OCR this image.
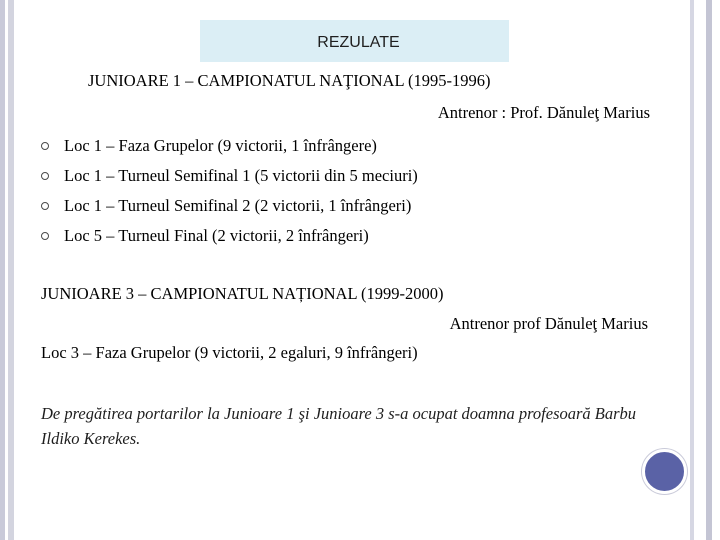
REZULATE
JUNIOARE 1 – CAMPIONATUL NAŢIONAL (1995-1996)
Antrenor : Prof. Dănuleţ Marius
Loc 1 – Faza Grupelor (9 victorii, 1 înfrângere)
Loc 1 – Turneul Semifinal 1 (5 victorii din 5 meciuri)
Loc 1 – Turneul Semifinal 2 (2 victorii, 1 înfrângeri)
Loc 5 – Turneul Final (2 victorii, 2 înfrângeri)
JUNIOARE 3 – CAMPIONATUL NAȚIONAL (1999-2000)
Antrenor prof Dănuleţ Marius
Loc 3 – Faza Grupelor (9 victorii, 2 egaluri, 9 înfrângeri)
De pregătirea portarilor la Junioare 1 şi Junioare 3 s-a ocupat doamna profesoară Barbu Ildiko Kerekes.
